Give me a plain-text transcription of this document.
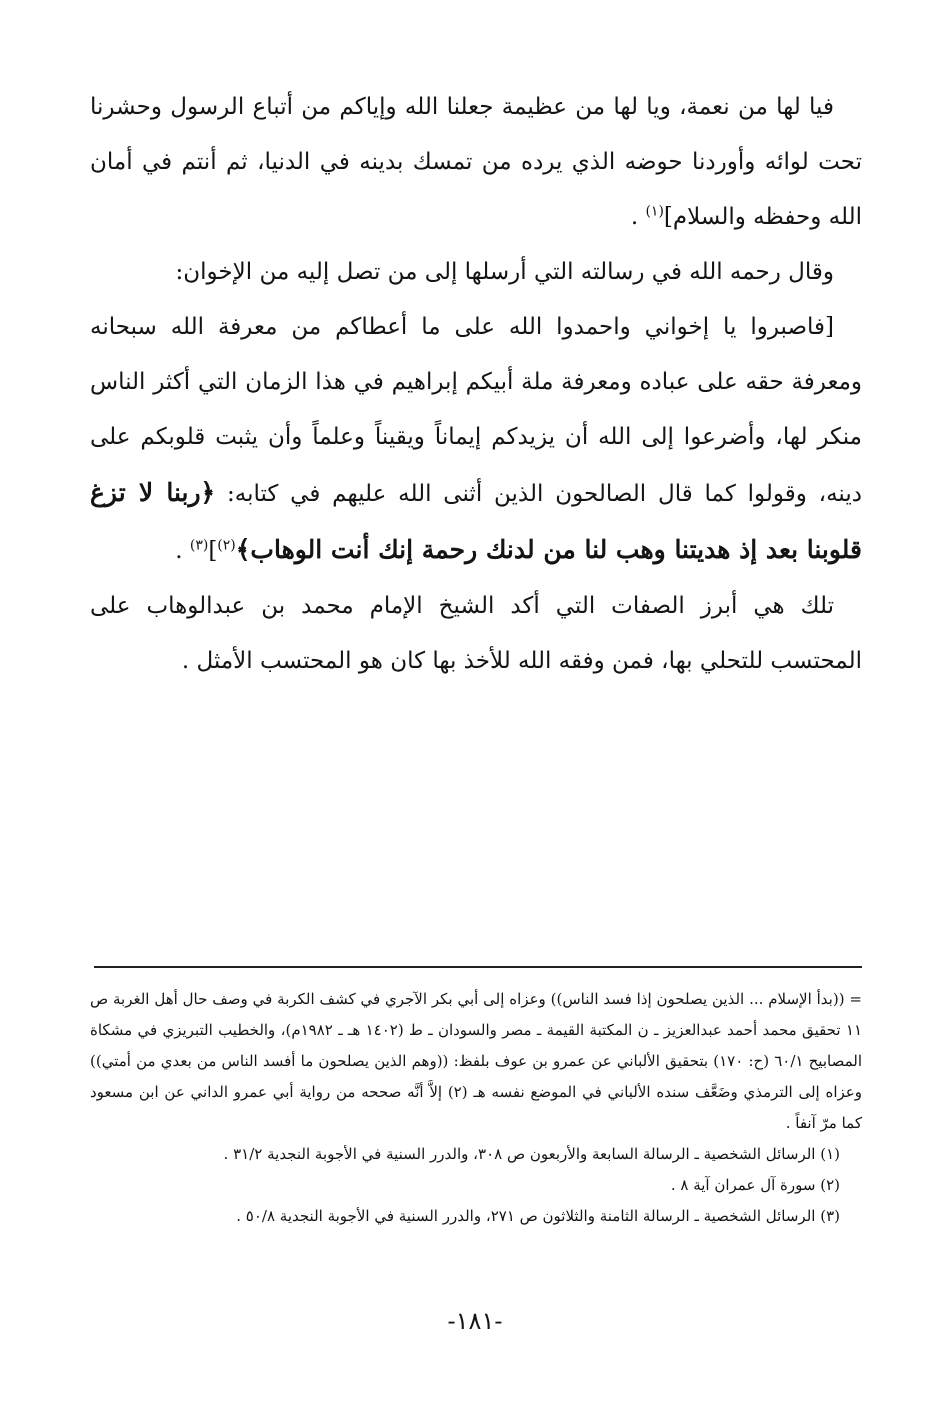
فيا لها من نعمة، ويا لها من عظيمة جعلنا الله وإياكم من أتباع الرسول وحشرنا تحت لوائه وأوردنا حوضه الذي يرده من تمسك بدينه في الدنيا، ثم أنتم في أمان الله وحفظه والسلام]$^{(١)}$ .

وقال رحمه الله في رسالته التي أرسلها إلى من تصل إليه من الإخوان:

[فاصبروا يا إخواني واحمدوا الله على ما أعطاكم من معرفة الله سبحانه ومعرفة حقه على عباده ومعرفة ملة أبيكم إبراهيم في هذا الزمان التي أكثر الناس منكر لها، وأضرعوا إلى الله أن يزيدكم إيماناً ويقيناً وعلماً وأن يثبت قلوبكم على دينه، وقولوا كما قال الصالحون الذين أثنى الله عليهم في كتابه: ﴿ربنا لا تزغ قلوبنا بعد إذ هديتنا وهب لنا من لدنك رحمة إنك أنت الوهاب﴾$^{(٢)}$]$^{(٣)}$ .

تلك هي أبرز الصفات التي أكد الشيخ الإمام محمد بن عبدالوهاب على المحتسب للتحلي بها، فمن وفقه الله للأخذ بها كان هو المحتسب الأمثل .

= ((بدأ الإسلام ... الذين يصلحون إذا فسد الناس)) وعزاه إلى أبي بكر الآجري في كشف الكربة في وصف حال أهل الغربة ص ١١ تحقيق محمد أحمد عبدالعزيز ـ ن المكتبة القيمة ـ مصر والسودان ـ ط (١٤٠٢ هـ ـ ١٩٨٢م)، والخطيب التبريزي في مشكاة المصابيح ٦٠/١ (ح: ١٧٠) بتحقيق الألباني عن عمرو بن عوف بلفظ: ((وهم الذين يصلحون ما أفسد الناس من بعدي من أمتي)) وعزاه إلى الترمذي وضَعَّف سنده الألباني في الموضع نفسه هـ (٢) إلاَّ أنَّه صححه من رواية أبي عمرو الداني عن ابن مسعود كما مرّ آنفاً .

(١) الرسائل الشخصية ـ الرسالة السابعة والأربعون ص ٣٠٨، والدرر السنية في الأجوبة النجدية ٣١/٢ .

(٢) سورة آل عمران آية ٨ .

(٣) الرسائل الشخصية ـ الرسالة الثامنة والثلاثون ص ٢٧١، والدرر السنية في الأجوبة النجدية ٥٠/٨ .

-١٨١-
